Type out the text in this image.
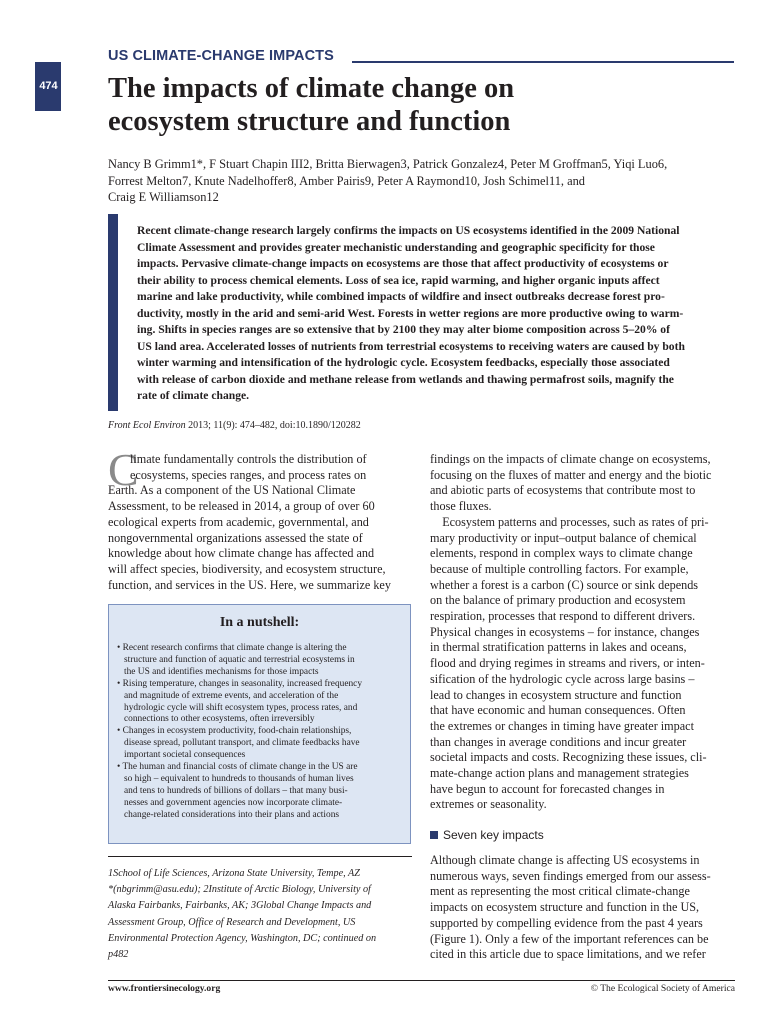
US CLIMATE-CHANGE IMPACTS
474 The impacts of climate change on
ecosystem structure and function
Nancy B Grimm1*, F Stuart Chapin III2, Britta Bierwagen3, Patrick Gonzalez4, Peter M Groffman5, Yiqi Luo6,
Forrest Melton7, Knute Nadelhoffer8, Amber Pairis9, Peter A Raymond10, Josh Schimel11, and
Craig E Williamson12
Recent climate-change research largely confirms the impacts on US ecosystems identified in the 2009 National
Climate Assessment and provides greater mechanistic understanding and geographic specificity for those
impacts. Pervasive climate-change impacts on ecosystems are those that affect productivity of ecosystems or
their ability to process chemical elements. Loss of sea ice, rapid warming, and higher organic inputs affect
marine and lake productivity, while combined impacts of wildfire and insect outbreaks decrease forest pro-
ductivity, mostly in the arid and semi-arid West. Forests in wetter regions are more productive owing to warm-
ing. Shifts in species ranges are so extensive that by 2100 they may alter biome composition across 5–20% of
US land area. Accelerated losses of nutrients from terrestrial ecosystems to receiving waters are caused by both
winter warming and intensification of the hydrologic cycle. Ecosystem feedbacks, especially those associated
with release of carbon dioxide and methane release from wetlands and thawing permafrost soils, magnify the
rate of climate change.
Front Ecol Environ 2013; 11(9): 474–482, doi:10.1890/120282
C
limate fundamentally controls the distribution of
ecosystems, species ranges, and process rates on
Earth. As a component of the US National Climate
Assessment, to be released in 2014, a group of over 60
ecological experts from academic, governmental, and
nongovernmental organizations assessed the state of
knowledge about how climate change has affected and
will affect species, biodiversity, and ecosystem structure,
function, and services in the US. Here, we summarize key
In a nutshell:
• Recent research confirms that climate change is altering the
structure and function of aquatic and terrestrial ecosystems in
the US and identifies mechanisms for those impacts
• Rising temperature, changes in seasonality, increased frequency
and magnitude of extreme events, and acceleration of the
hydrologic cycle will shift ecosystem types, process rates, and
connections to other ecosystems, often irreversibly
• Changes in ecosystem productivity, food-chain relationships,
disease spread, pollutant transport, and climate feedbacks have
important societal consequences
• The human and financial costs of climate change in the US are
so high – equivalent to hundreds to thousands of human lives
and tens to hundreds of billions of dollars – that many busi-
nesses and government agencies now incorporate climate-
change-related considerations into their plans and actions
1School of Life Sciences, Arizona State University, Tempe, AZ
*(nbgrimm@asu.edu); 2Institute of Arctic Biology, University of
Alaska Fairbanks, Fairbanks, AK; 3Global Change Impacts and
Assessment Group, Office of Research and Development, US
Environmental Protection Agency, Washington, DC; continued on
p482
findings on the impacts of climate change on ecosystems,
focusing on the fluxes of matter and energy and the biotic
and abiotic parts of ecosystems that contribute most to
those fluxes.
Ecosystem patterns and processes, such as rates of pri-
mary productivity or input–output balance of chemical
elements, respond in complex ways to climate change
because of multiple controlling factors. For example,
whether a forest is a carbon (C) source or sink depends
on the balance of primary production and ecosystem
respiration, processes that respond to different drivers.
Physical changes in ecosystems – for instance, changes
in thermal stratification patterns in lakes and oceans,
flood and drying regimes in streams and rivers, or inten-
sification of the hydrologic cycle across large basins –
lead to changes in ecosystem structure and function
that have economic and human consequences. Often
the extremes or changes in timing have greater impact
than changes in average conditions and incur greater
societal impacts and costs. Recognizing these issues, cli-
mate-change action plans and management strategies
have begun to account for forecasted changes in
extremes or seasonality.
Seven key impacts
Although climate change is affecting US ecosystems in
numerous ways, seven findings emerged from our assess-
ment as representing the most critical climate-change
impacts on ecosystem structure and function in the US,
supported by compelling evidence from the past 4 years
(Figure 1). Only a few of the important references can be
cited in this article due to space limitations, and we refer
www.frontiersinecology.org	© The Ecological Society of America
